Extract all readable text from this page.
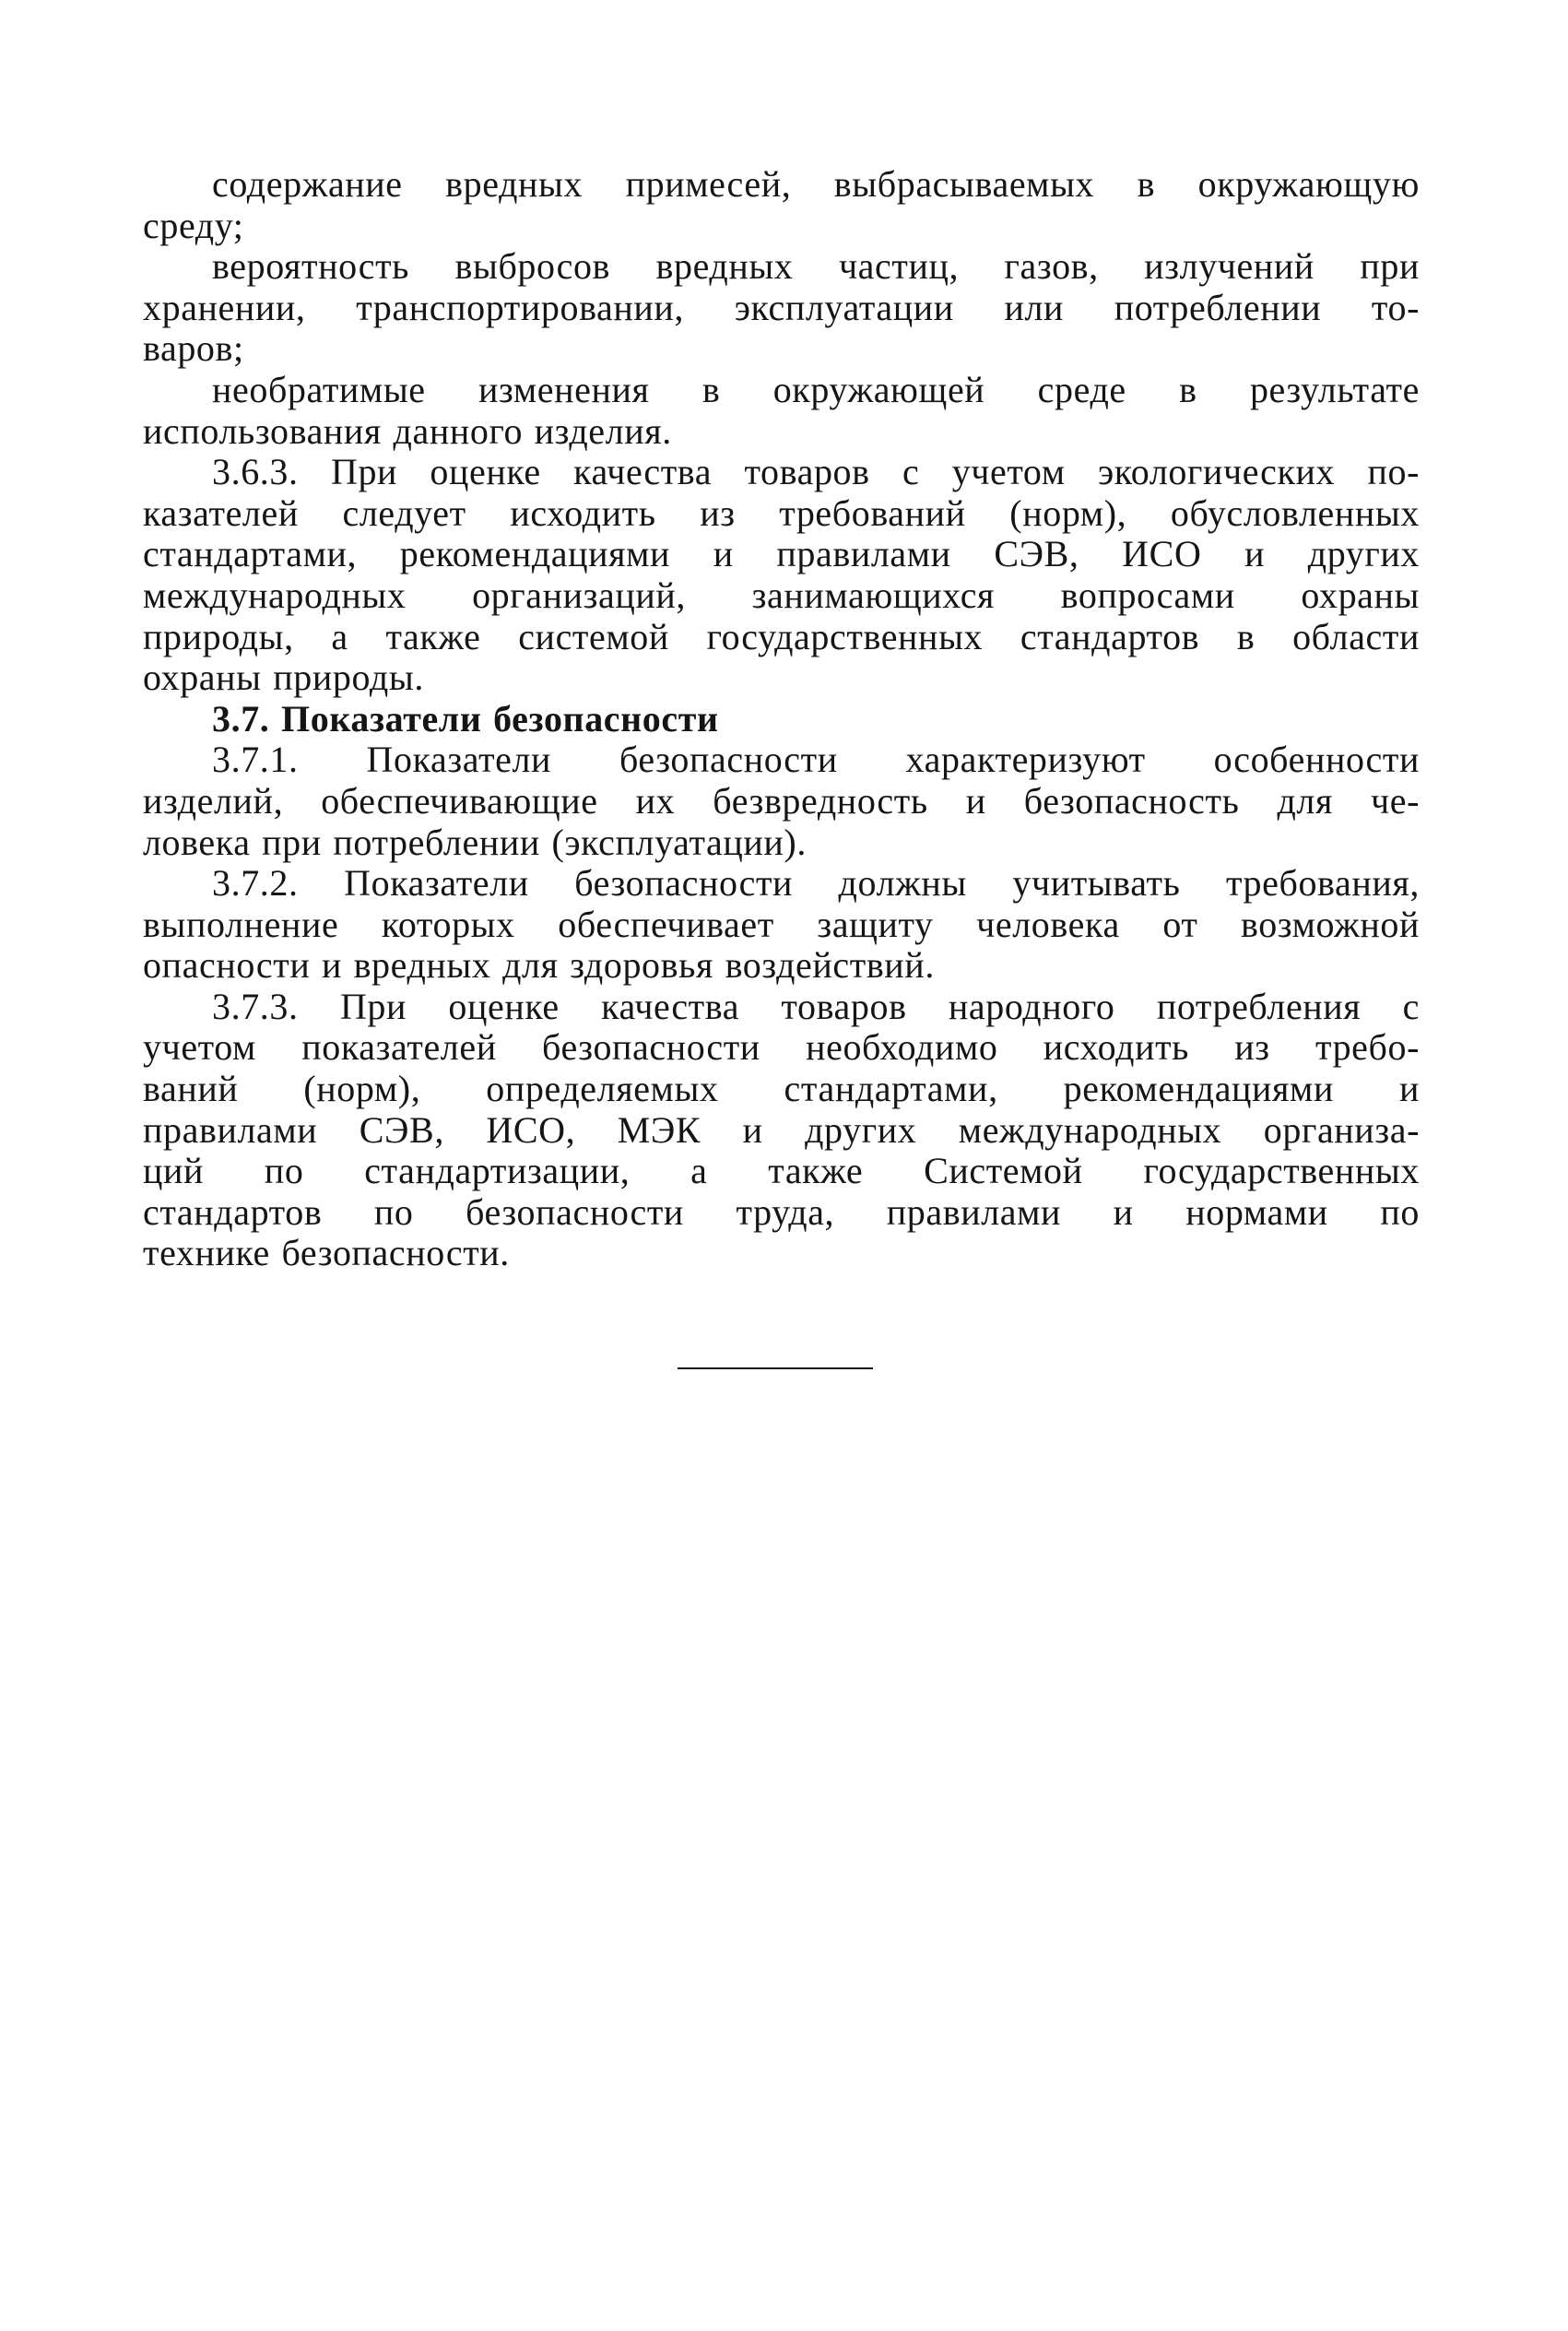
содержание вредных примесей, выбрасываемых в окружающую
среду;
вероятность выбросов вредных частиц, газов, излучений при
хранении, транспортировании, эксплуатации или потреблении то-
варов;
необратимые изменения в окружающей среде в результате
использования данного изделия.
3.6.3. При оценке качества товаров с учетом экологических по-
казателей следует исходить из требований (норм), обусловленных
стандартами, рекомендациями и правилами СЭВ, ИСО и других
международных организаций, занимающихся вопросами охраны
природы, а также системой государственных стандартов в области
охраны природы.
3.7. Показатели безопасности
3.7.1. Показатели безопасности характеризуют особенности
изделий, обеспечивающие их безвредность и безопасность для че-
ловека при потреблении (эксплуатации).
3.7.2. Показатели безопасности должны учитывать требования,
выполнение которых обеспечивает защиту человека от возможной
опасности и вредных для здоровья воздействий.
3.7.3. При оценке качества товаров народного потребления с
учетом показателей безопасности необходимо исходить из требо-
ваний (норм), определяемых стандартами, рекомендациями и
правилами СЭВ, ИСО, МЭК и других международных организа-
ций по стандартизации, а также Системой государственных
стандартов по безопасности труда, правилами и нормами по
технике безопасности.
